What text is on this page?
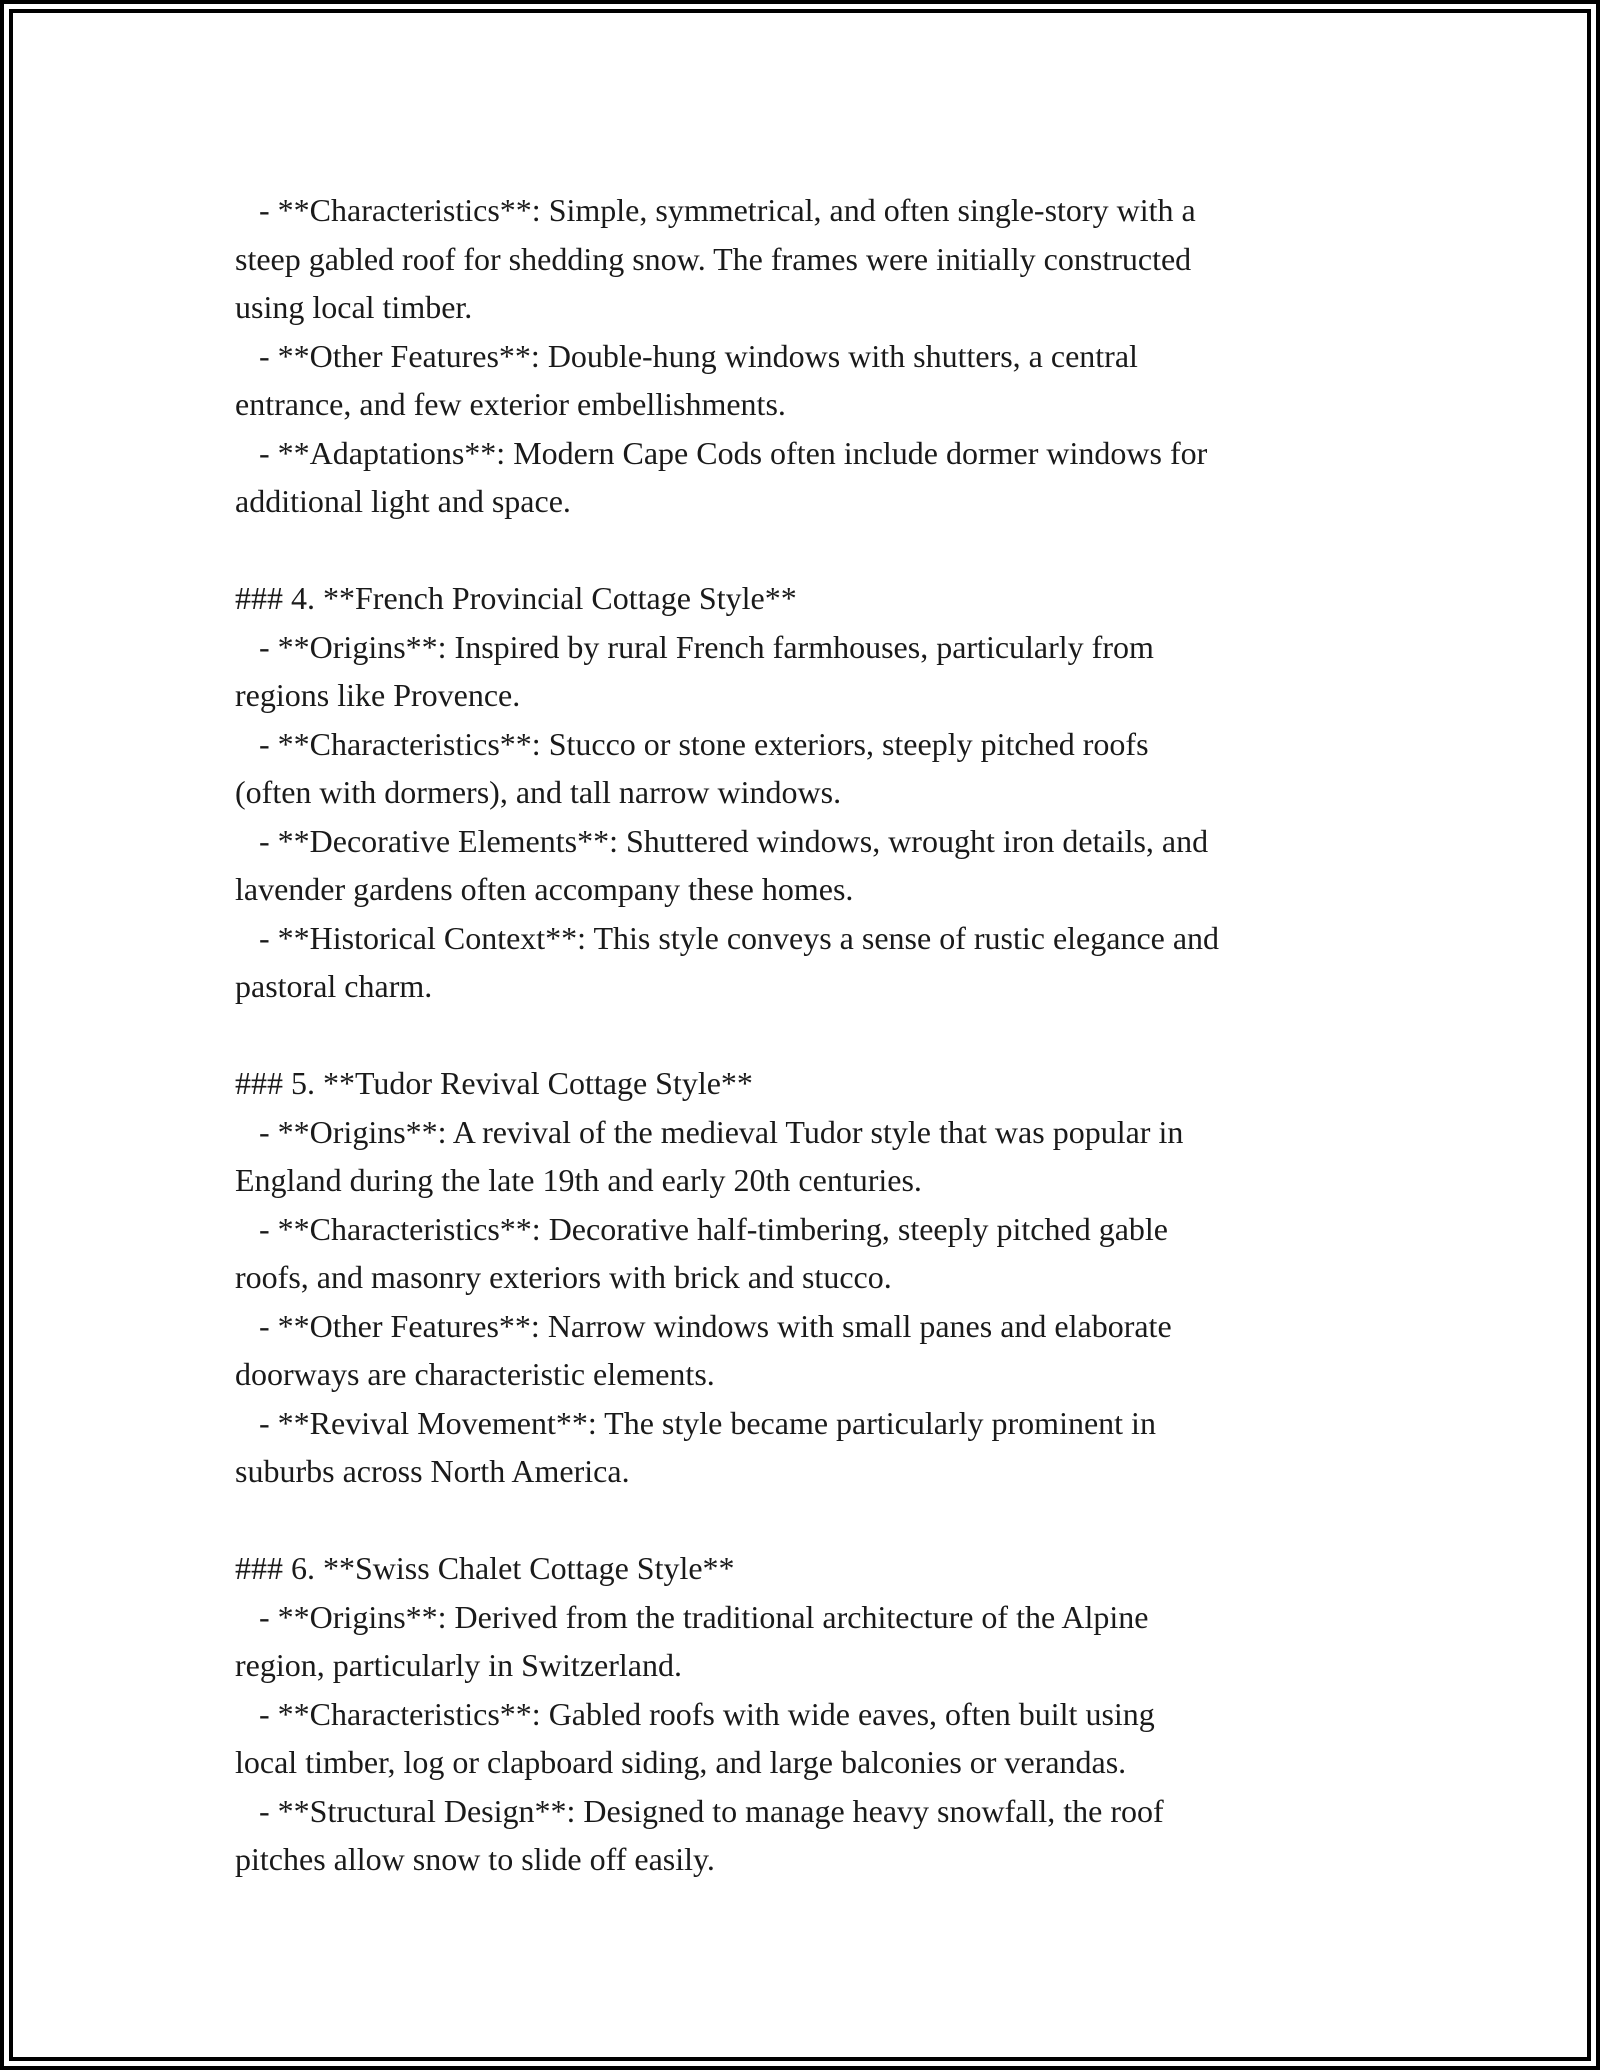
- **Characteristics**: Simple, symmetrical, and often single-story with a
steep gabled roof for shedding snow. The frames were initially constructed
using local timber.
- **Other Features**: Double-hung windows with shutters, a central
entrance, and few exterior embellishments.
- **Adaptations**: Modern Cape Cods often include dormer windows for
additional light and space.
### 4. **French Provincial Cottage Style**
- **Origins**: Inspired by rural French farmhouses, particularly from
regions like Provence.
- **Characteristics**: Stucco or stone exteriors, steeply pitched roofs
(often with dormers), and tall narrow windows.
- **Decorative Elements**: Shuttered windows, wrought iron details, and
lavender gardens often accompany these homes.
- **Historical Context**: This style conveys a sense of rustic elegance and
pastoral charm.
### 5. **Tudor Revival Cottage Style**
- **Origins**: A revival of the medieval Tudor style that was popular in
England during the late 19th and early 20th centuries.
- **Characteristics**: Decorative half-timbering, steeply pitched gable
roofs, and masonry exteriors with brick and stucco.
- **Other Features**: Narrow windows with small panes and elaborate
doorways are characteristic elements.
- **Revival Movement**: The style became particularly prominent in
suburbs across North America.
### 6. **Swiss Chalet Cottage Style**
- **Origins**: Derived from the traditional architecture of the Alpine
region, particularly in Switzerland.
- **Characteristics**: Gabled roofs with wide eaves, often built using
local timber, log or clapboard siding, and large balconies or verandas.
- **Structural Design**: Designed to manage heavy snowfall, the roof
pitches allow snow to slide off easily.
